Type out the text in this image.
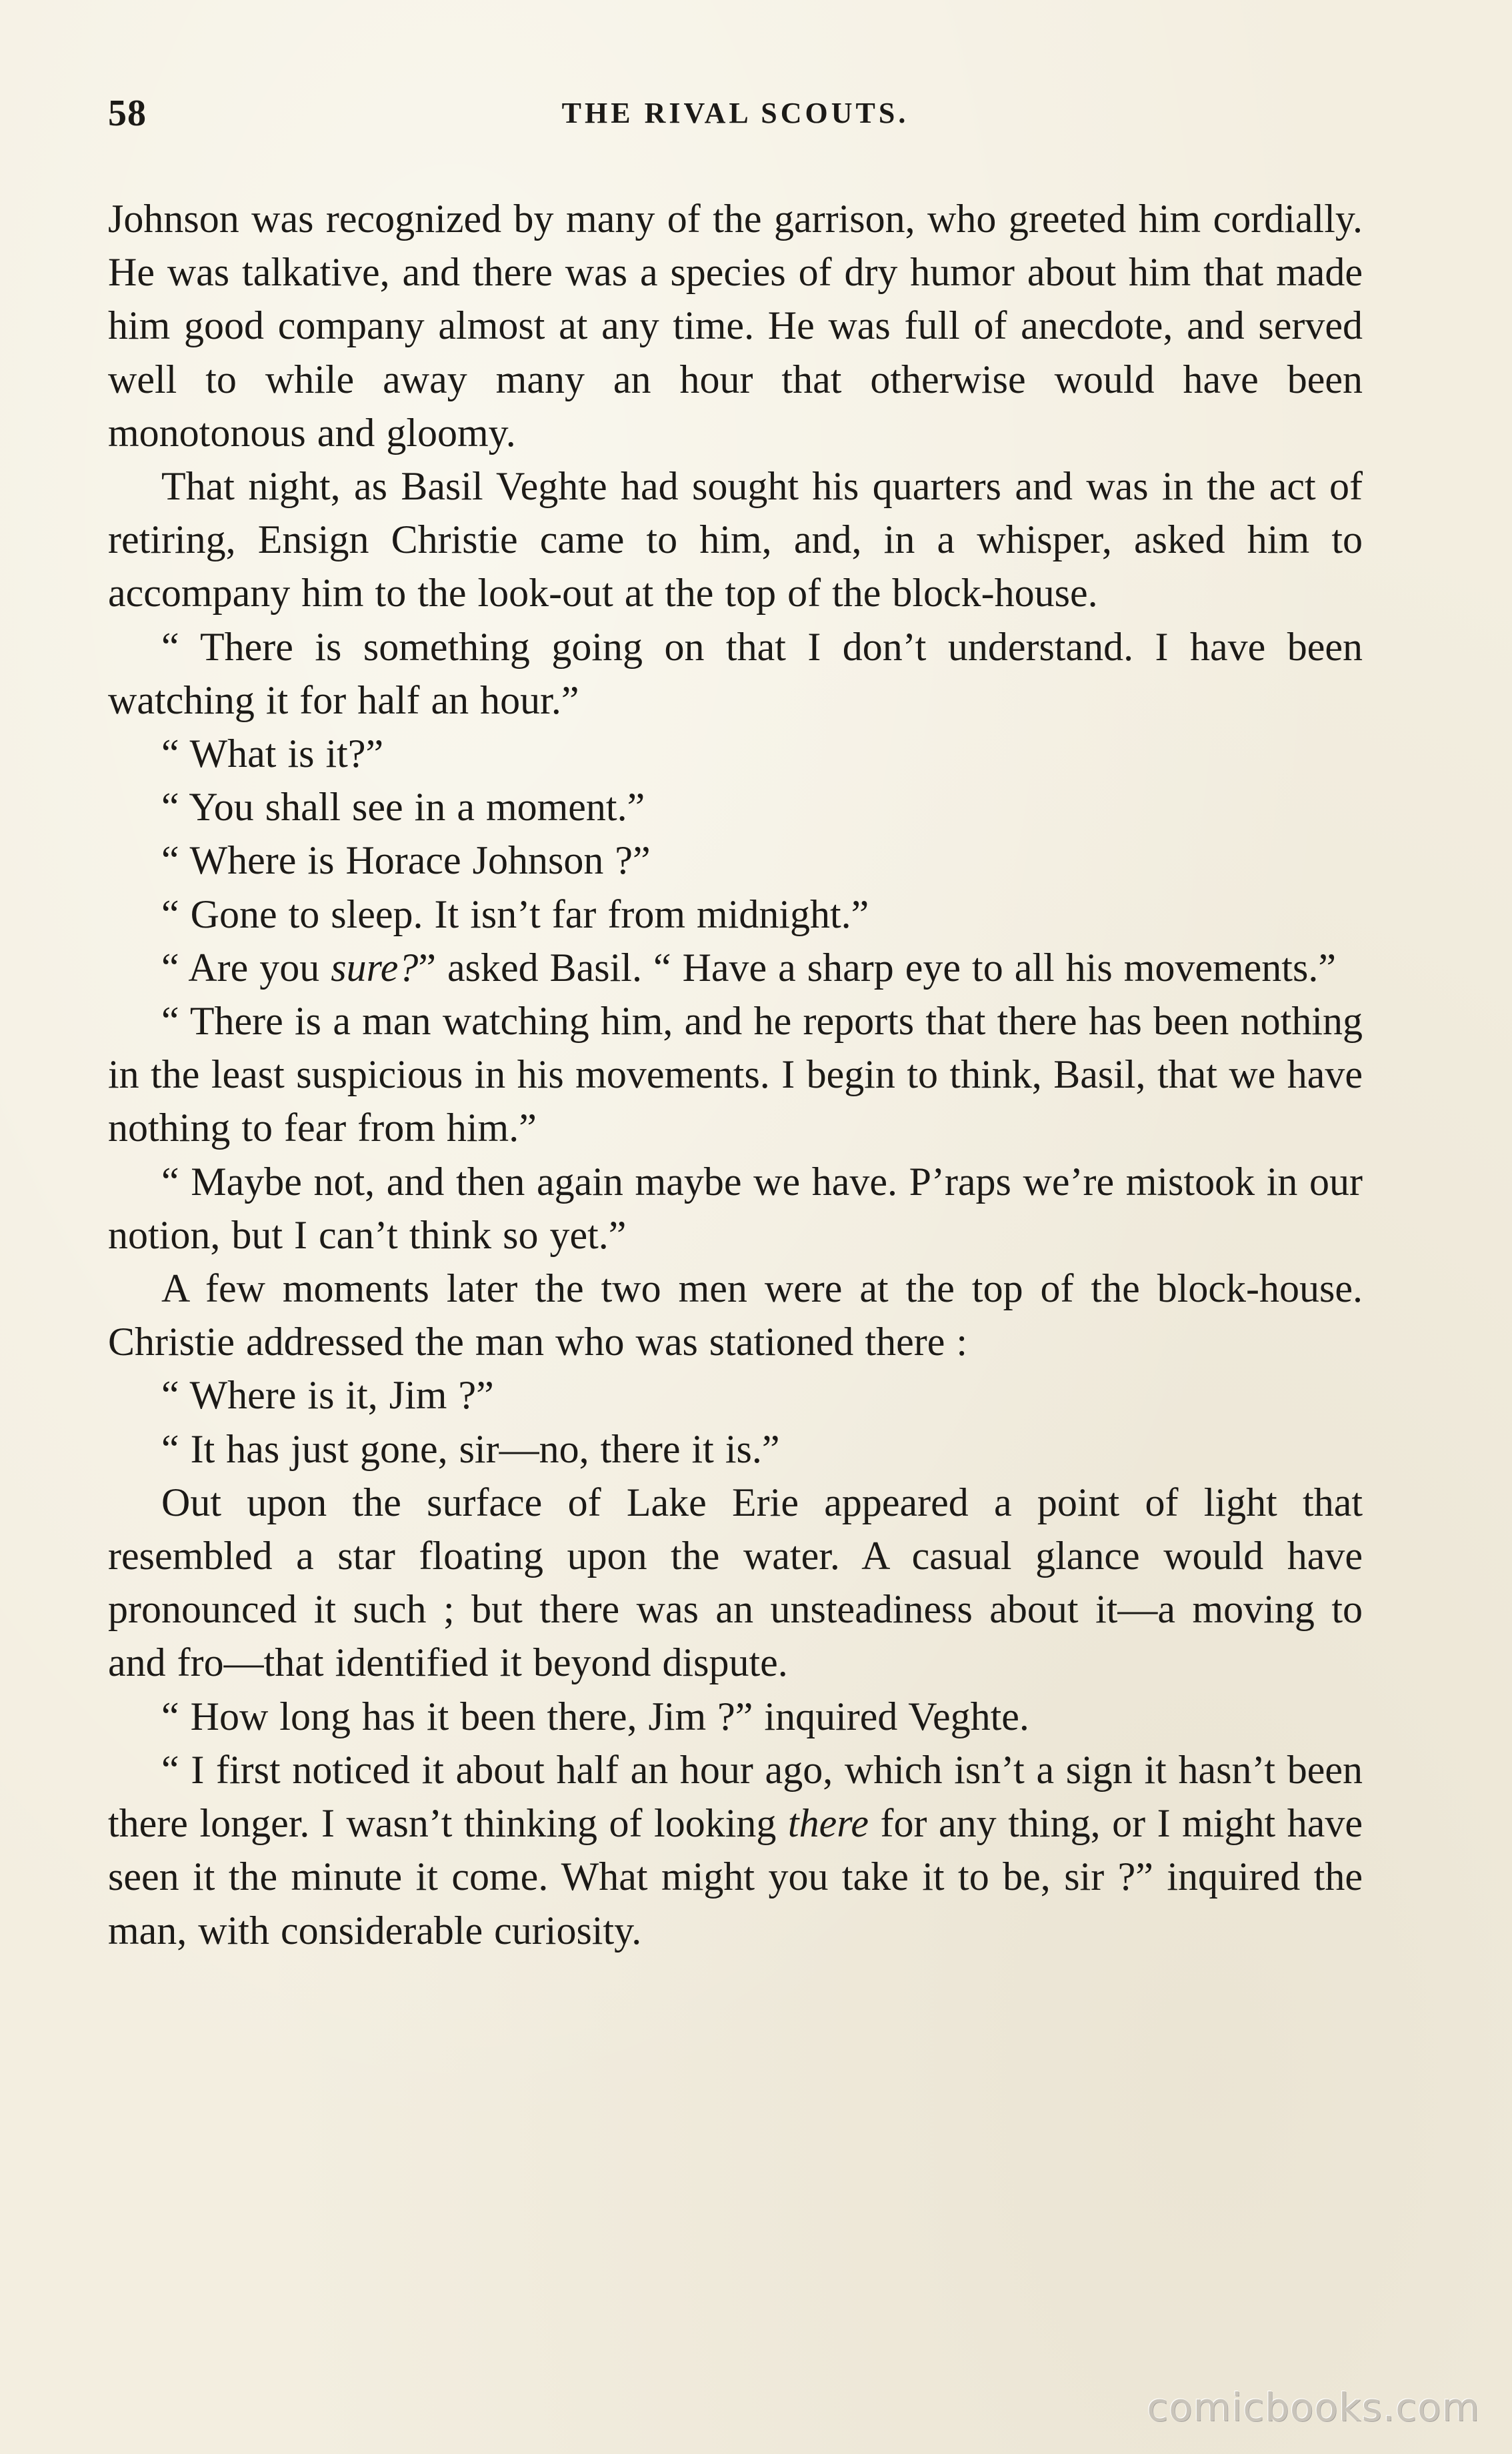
58	THE RIVAL SCOUTS.

Johnson was recognized by many of the garrison, who greeted him cordially. He was talkative, and there was a species of dry humor about him that made him good company almost at any time. He was full of anecdote, and served well to while away many an hour that otherwise would have been monotonous and gloomy.

That night, as Basil Veghte had sought his quarters and was in the act of retiring, Ensign Christie came to him, and, in a whisper, asked him to accompany him to the look-out at the top of the block-house.

“ There is something going on that I don’t understand. I have been watching it for half an hour.”

“ What is it?”

“ You shall see in a moment.”

“ Where is Horace Johnson ?”

“ Gone to sleep. It isn’t far from midnight.”

“ Are you sure?” asked Basil. “ Have a sharp eye to all his movements.”

“ There is a man watching him, and he reports that there has been nothing in the least suspicious in his movements. I begin to think, Basil, that we have nothing to fear from him.”

“ Maybe not, and then again maybe we have. P’raps we’re mistook in our notion, but I can’t think so yet.”

A few moments later the two men were at the top of the block-house. Christie addressed the man who was stationed there :

“ Where is it, Jim ?”

“ It has just gone, sir—no, there it is.”

Out upon the surface of Lake Erie appeared a point of light that resembled a star floating upon the water. A casual glance would have pronounced it such ; but there was an unsteadiness about it—a moving to and fro—that identified it beyond dispute.

“ How long has it been there, Jim ?” inquired Veghte.

“ I first noticed it about half an hour ago, which isn’t a sign it hasn’t been there longer. I wasn’t thinking of looking there for any thing, or I might have seen it the minute it come. What might you take it to be, sir ?” inquired the man, with considerable curiosity.

comicbooks.com
